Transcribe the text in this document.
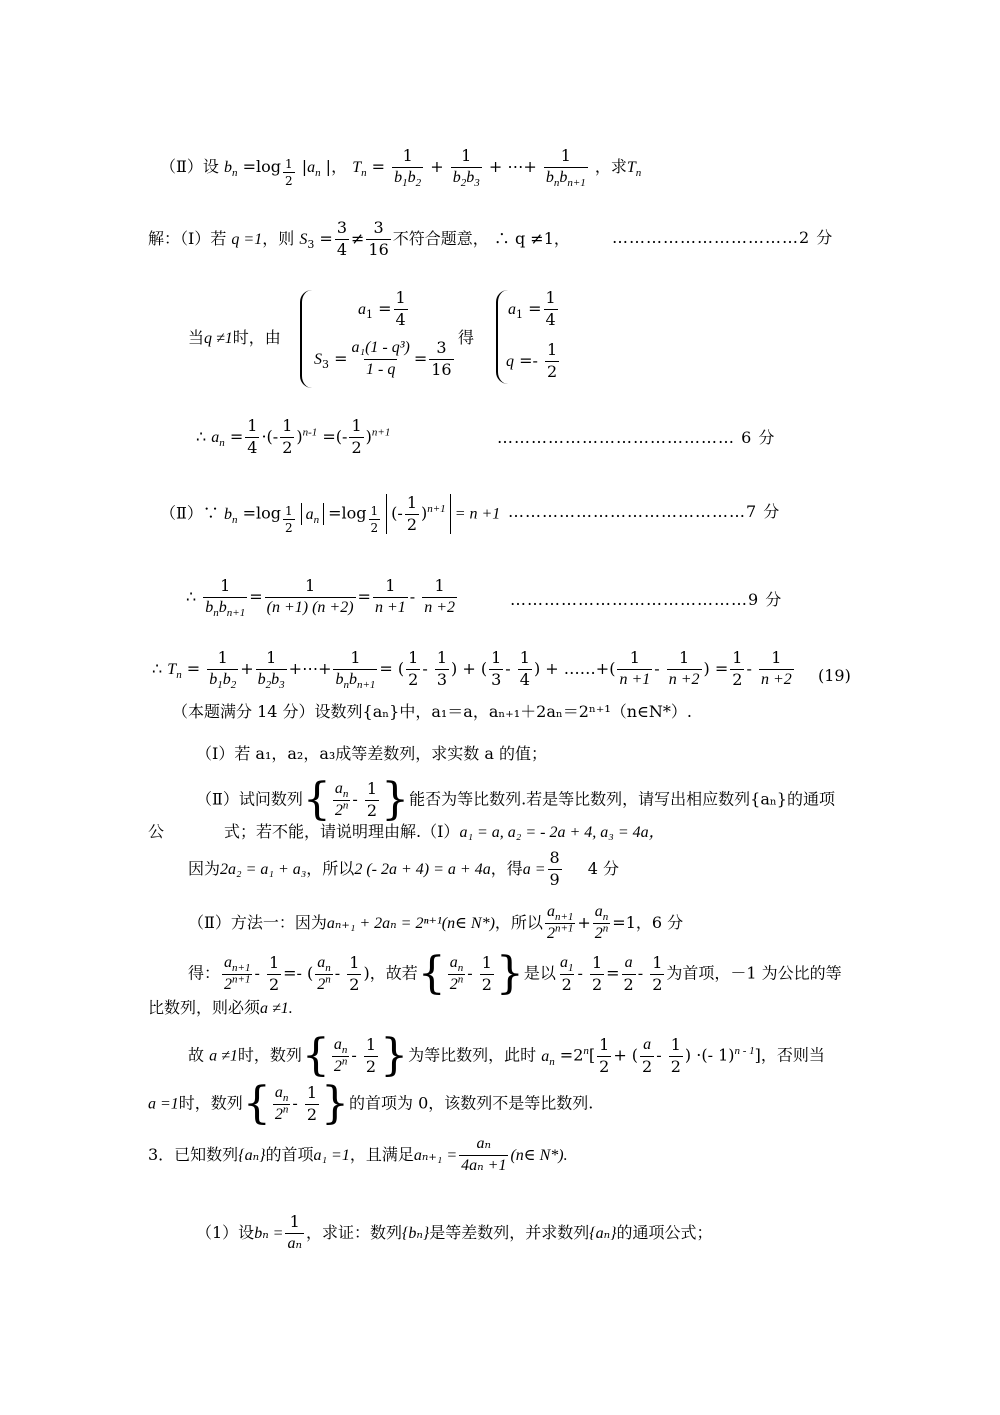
（Ⅱ）设 $b_n =\log$ $_{\frac{1}{2}}$ $|a_n$ |， $T_n = \frac{1}{b_1b_2} + \frac{1}{b_2b_3}$ + ⋯+ $\frac{1}{b_nb_{n+1}}$ ，求$T_n$
解：（Ⅰ）若 q =1，则 $S_3 = \frac{3}{4} \ne \frac{3}{16}$ 不符合题意， ∴ q ≠1，	……………………………2 分
当q ≠1时，由
$a_1 = \frac{1}{4}$
$S_3 = \frac{\text{a₁(1 - q³)}}{1 - q} = \frac{3}{16}$
得
$a_1 = \frac{1}{4}$
$q =- \frac{1}{2}$
∴ $a_n = \frac{1}{4}$ ·(- $\frac{1}{2} )^{n-1}$ =(- $\frac{1}{2} )^{n+1}$	…………………………………… 6 分
（Ⅱ）∵ $b_n =\log$ $_{\frac{1}{2}}$ $a_n =\log$ $_{\frac{1}{2}}$ (- $\frac{1}{2} )^{n+1} = n +1$ ……………………………………7 分
∴ $\frac{1}{b_nb_{n+1}} = \frac{1}{(n +1) (n +2)} = \frac{1}{n +1} - \frac{1}{n +2}$	……………………………………9 分
∴ $T_n = \frac{1}{b_1b_2} + \frac{1}{b_2b_3}$ +⋯+ $\frac{1}{b_nb_{n+1}}$ = ( $\frac{1}{2} - \frac{1}{3}$ ) + ( $\frac{1}{3} - \frac{1}{4}$ ) + ……+( $\frac{1}{n +1} - \frac{1}{n +2}$ ) = $\frac{1}{2} - \frac{1}{n +2} (19)$
（本题满分 14 分）设数列{aₙ}中，a₁＝a，aₙ₊₁＋2aₙ＝2ⁿ⁺¹（n∈N*）.
（Ⅰ）若 a₁，a₂，a₃成等差数列，求实数 a 的值；
（Ⅱ）试问数列{ $\frac{a_n}{2^n} - \frac{1}{2}$ }能否为等比数列.若是等比数列，请写出相应数列{aₙ}的通项
公	式；若不能，请说明理由解.（Ⅰ）a₁ = a, a₂ = - 2a + 4, a₃ = 4a，
因为2a₂ = a₁ + a₃，所以2 (- 2a + 4) = a + 4a，得$a = \frac{8}{9} 4$ 分
（Ⅱ）方法一：因为aₙ₊₁ + 2aₙ = 2ⁿ⁺¹(n∈ N*)，所以 $\frac{a_{n+1}}{2^{n+1}} + \frac{a_n}{2^n} =1$，6 分
得： $\frac{a_{n+1}}{2^{n+1}} - \frac{1}{2}$ =- ( $\frac{a_n}{2^n} - \frac{1}{2}$ )，故若{ $\frac{a_n}{2^n} - \frac{1}{2}$ }是以 $\frac{a_1}{2} - \frac{1}{2} = \frac{a}{2} - \frac{1}{2}$ 为首项，－1 为公比的等
比数列，则必须a ≠1.
故 a ≠1时，数列{ $\frac{a_n}{2^n} - \frac{1}{2}$ }为等比数列，此时 $a_n =2^n[ \frac{1}{2}$ + ( $\frac{a}{2} - \frac{1}{2}$ ) ·(- 1)$^{n - 1}$]，否则当
a =1时，数列{ $\frac{a_n}{2^n} - \frac{1}{2}$ }的首项为 0，该数列不是等比数列.
3．已知数列{aₙ}的首项a₁ =1，且满足$a_{n+1} = \frac{\text{aₙ}}{\text{4aₙ +1}}$ (n∈ N*).
（1）设$b_n = \frac{1}{\text{aₙ}}$ ，求证：数列{bₙ}是等差数列，并求数列{aₙ}的通项公式；
